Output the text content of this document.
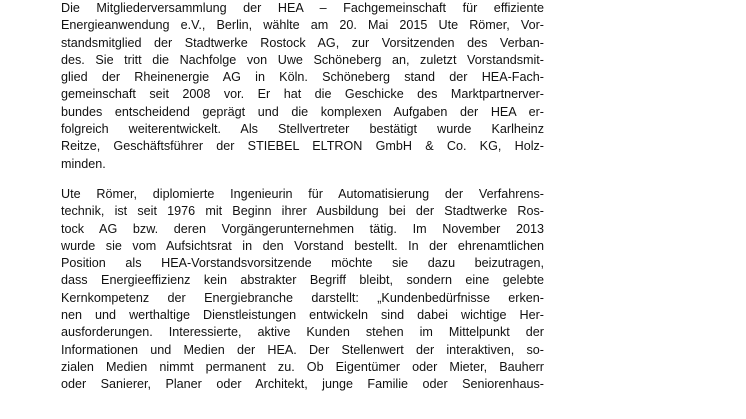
Die Mitgliederversammlung der HEA – Fachgemeinschaft für effiziente
Energieanwendung e.V., Berlin, wählte am 20. Mai 2015 Ute Römer, Vor-
standsmitglied der Stadtwerke Rostock AG, zur Vorsitzenden des Verban-
des. Sie tritt die Nachfolge von Uwe Schöneberg an, zuletzt Vorstandsmit-
glied der Rheinenergie AG in Köln. Schöneberg stand der HEA-Fach-
gemeinschaft seit 2008 vor. Er hat die Geschicke des Marktpartnerver-
bundes entscheidend geprägt und die komplexen Aufgaben der HEA er-
folgreich weiterentwickelt. Als Stellvertreter bestätigt wurde Karlheinz
Reitze, Geschäftsführer der STIEBEL ELTRON GmbH & Co. KG, Holz-
minden.

Ute Römer, diplomierte Ingenieurin für Automatisierung der Verfahrens-
technik, ist seit 1976 mit Beginn ihrer Ausbildung bei der Stadtwerke Ros-
tock AG bzw. deren Vorgängerunternehmen tätig. Im November 2013
wurde sie vom Aufsichtsrat in den Vorstand bestellt. In der ehrenamtlichen
Position als HEA-Vorstandsvorsitzende möchte sie dazu beizutragen,
dass Energieeffizienz kein abstrakter Begriff bleibt, sondern eine gelebte
Kernkompetenz der Energiebranche darstellt: „Kundenbedürfnisse erken-
nen und werthaltige Dienstleistungen entwickeln sind dabei wichtige Her-
ausforderungen. Interessierte, aktive Kunden stehen im Mittelpunkt der
Informationen und Medien der HEA. Der Stellenwert der interaktiven, so-
zialen Medien nimmt permanent zu. Ob Eigentümer oder Mieter, Bauherr
oder Sanierer, Planer oder Architekt, junge Familie oder Seniorenhaus-
